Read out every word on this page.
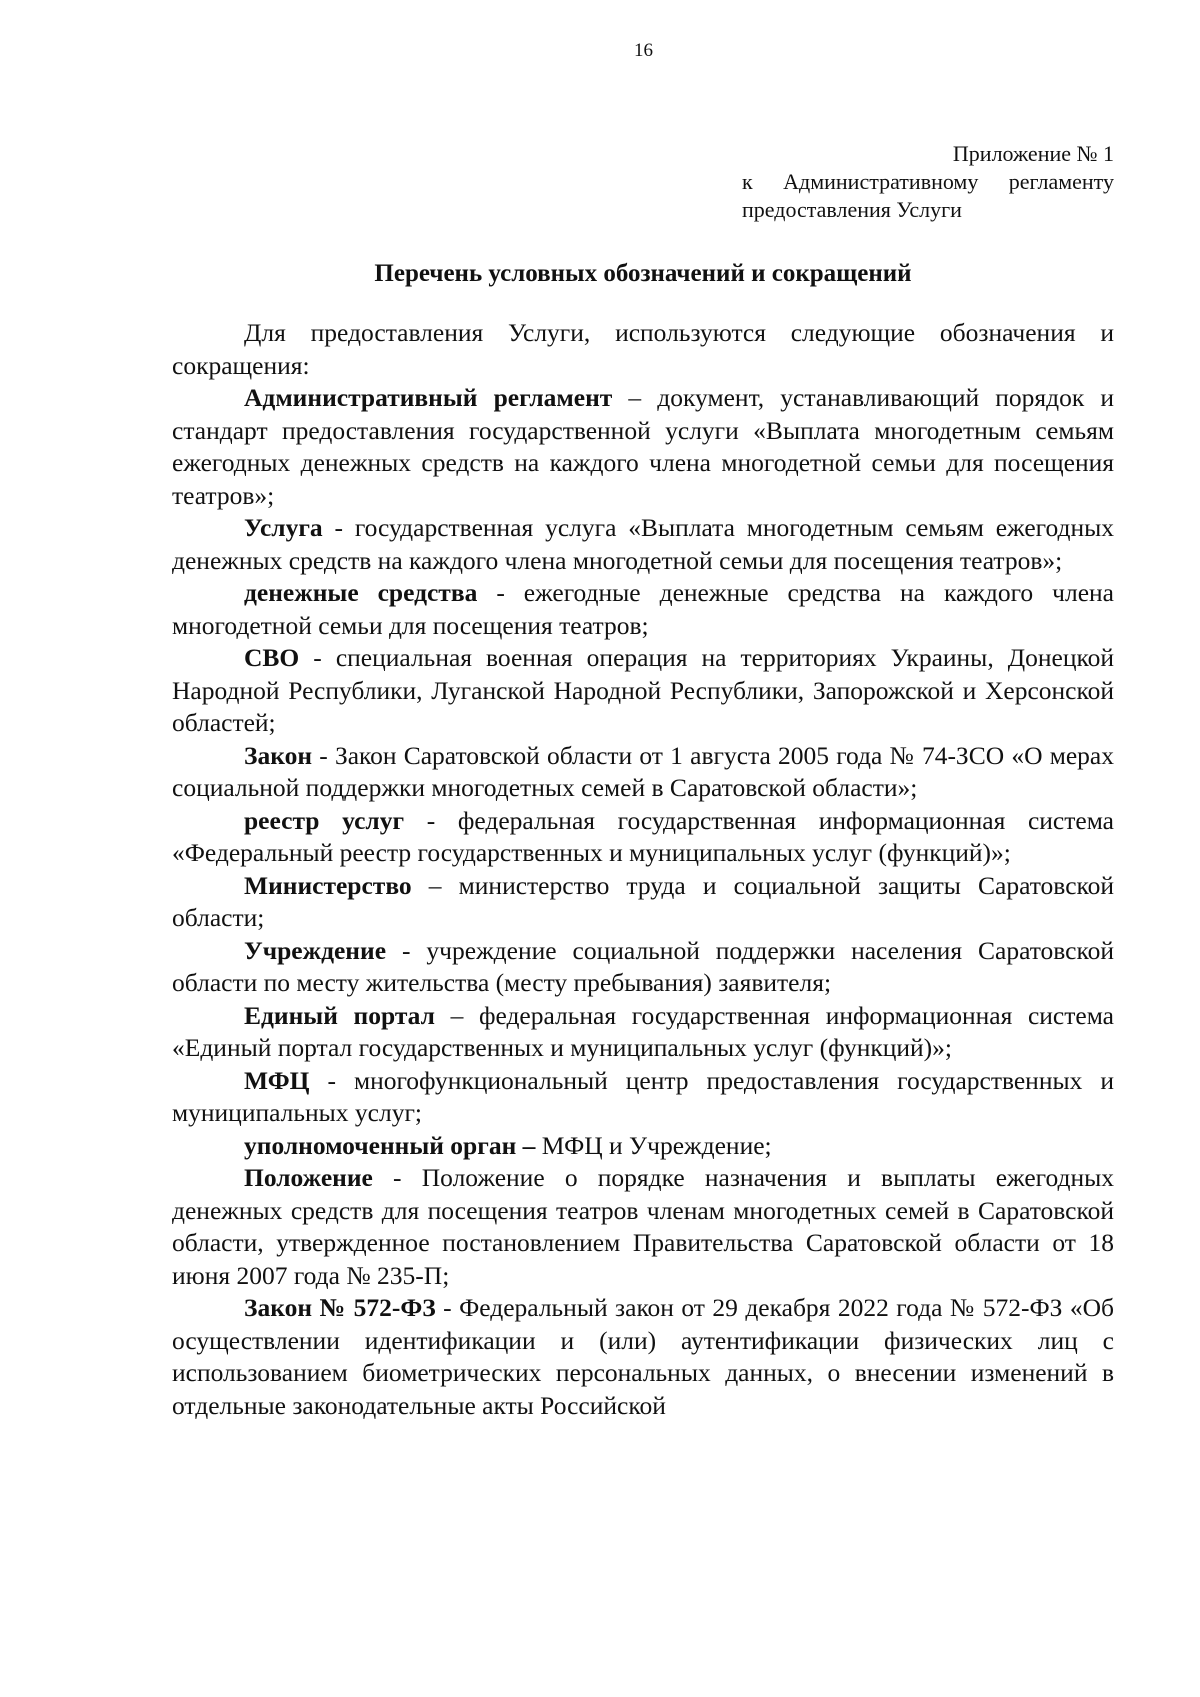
16
Приложение № 1
к Административному регламенту
предоставления Услуги
Перечень условных обозначений и сокращений

Для предоставления Услуги, используются следующие обозначения и сокращения:

Административный регламент – документ, устанавливающий порядок и стандарт предоставления государственной услуги «Выплата многодетным семьям ежегодных денежных средств на каждого члена многодетной семьи для посещения театров»;

Услуга - государственная услуга «Выплата многодетным семьям ежегодных денежных средств на каждого члена многодетной семьи для посещения театров»;

денежные средства - ежегодные денежные средства на каждого члена многодетной семьи для посещения театров;

СВО - специальная военная операция на территориях Украины, Донецкой Народной Республики, Луганской Народной Республики, Запорожской и Херсонской областей;

Закон - Закон Саратовской области от 1 августа 2005 года № 74-ЗСО «О мерах социальной поддержки многодетных семей в Саратовской области»;

реестр услуг - федеральная государственная информационная система «Федеральный реестр государственных и муниципальных услуг (функций)»;

Министерство – министерство труда и социальной защиты Саратовской области;

Учреждение - учреждение социальной поддержки населения Саратовской области по месту жительства (месту пребывания) заявителя;

Единый портал – федеральная государственная информационная система «Единый портал государственных и муниципальных услуг (функций)»;

МФЦ - многофункциональный центр предоставления государственных и муниципальных услуг;

уполномоченный орган – МФЦ и Учреждение;

Положение - Положение о порядке назначения и выплаты ежегодных денежных средств для посещения театров членам многодетных семей в Саратовской области, утвержденное постановлением Правительства Саратовской области от 18 июня 2007 года № 235-П;

Закон № 572-ФЗ - Федеральный закон от 29 декабря 2022 года № 572-ФЗ «Об осуществлении идентификации и (или) аутентификации физических лиц с использованием биометрических персональных данных, о внесении изменений в отдельные законодательные акты Российской
